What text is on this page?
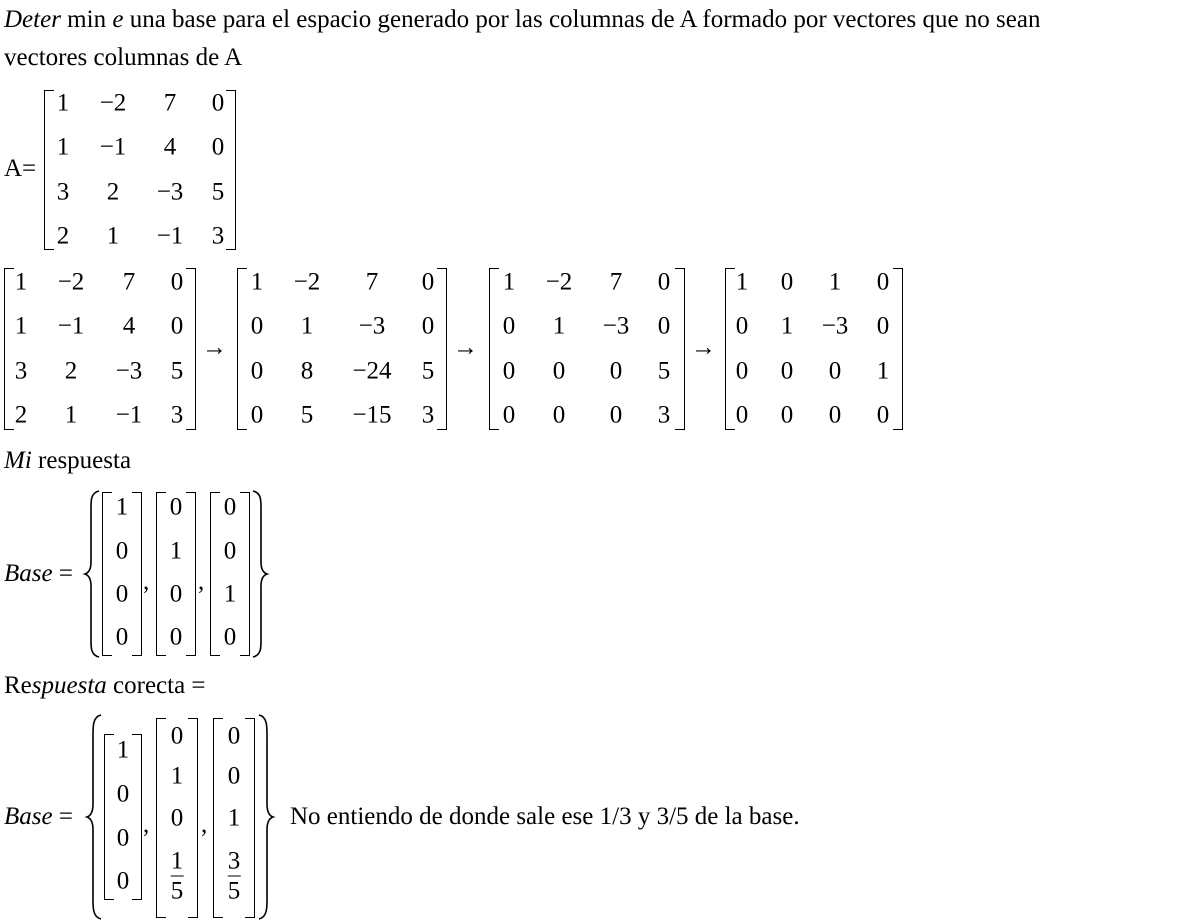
Deter min e una base para el espacio generado por las columnas de A formado por vectores que no sean
vectores columnas de A
A=
1 −2 7 0
1 −1 4 0
3 2 −3 5
2 1 −1 3
1 −2 7 0
1 −1 4 0
3 2 −3 5
2 1 −1 3
→
1 −2 7 0
0 1 −3 0
0 8 −24 5
0 5 −15 3
→
1 −2 7 0
0 1 −3 0
0 0 0 5
0 0 0 3
→
1 0 1 0
0 1 −3 0
0 0 0 1
0 0 0 0
Mi respuesta
Base =
1
0
0
0
,
0
1
0
0
,
0
0
1
0
Respuesta corecta =
Base =
1
0
0
0
,
1
5
0
1
0 ,
3
5
0
0
1 No entiendo de donde sale ese 1/3 y 3/5 de la base.
